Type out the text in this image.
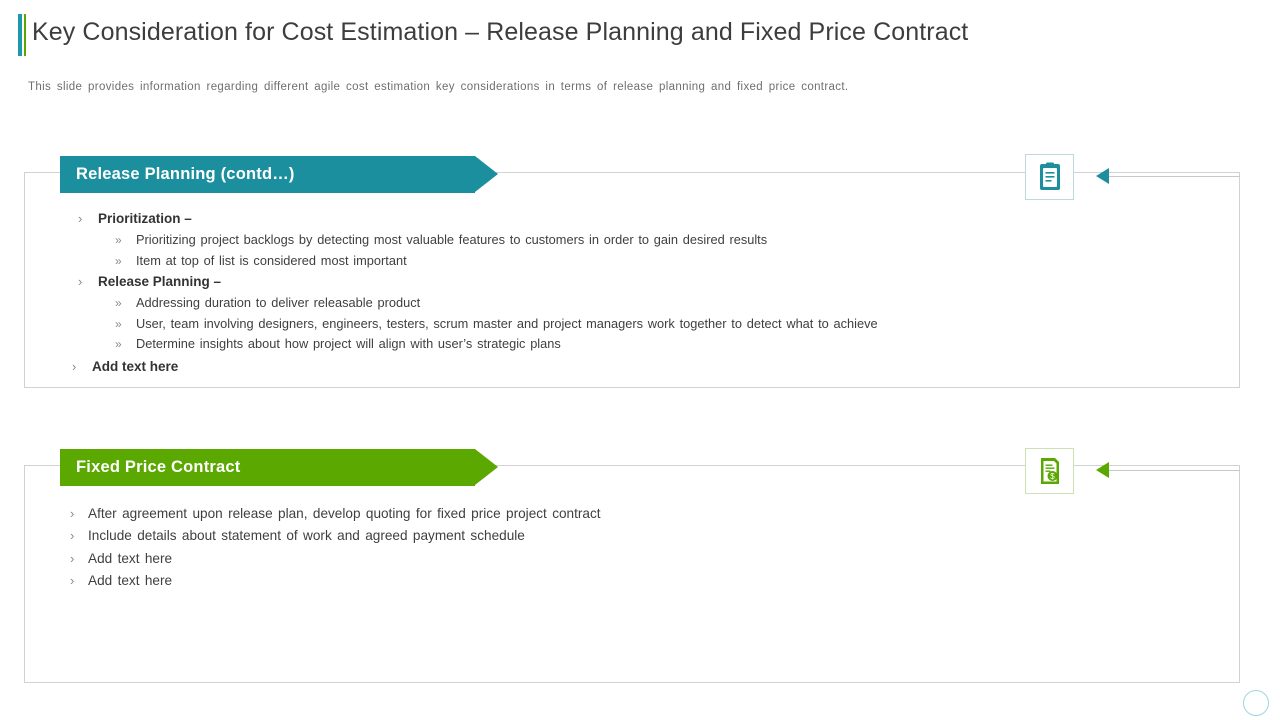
Key Consideration for Cost Estimation – Release Planning and Fixed Price Contract
This slide provides information regarding different agile cost estimation key considerations in terms of release planning and fixed price contract.
Release Planning (contd…)
› Prioritization –
» Prioritizing project backlogs by detecting most valuable features to customers in order to gain desired results
» Item at top of list is considered most important
› Release Planning –
» Addressing duration to deliver releasable product
» User, team involving designers, engineers, testers, scrum master and project managers work together to detect what to achieve
» Determine insights about how project will align with user’s strategic plans
› Add text here
Fixed Price Contract
› After agreement upon release plan, develop quoting for fixed price project contract
› Include details about statement of work and agreed payment schedule
› Add text here
› Add text here
$
